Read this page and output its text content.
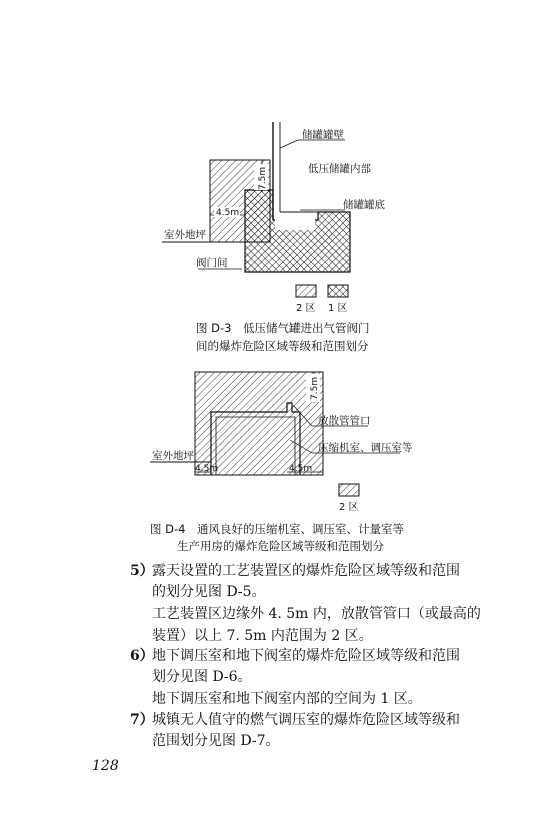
7.5m
4.5m
储罐罐壁
低压储罐内部
储罐罐底
室外地坪
阀门间
2 区 1 区
图 D-3　低压储气罐进出气管阀门
间的爆炸危险区域等级和范围划分
7.5m
4.5m	4.5m
放散管管口
压缩机室、调压室等
室外地坪
2 区
图 D-4　通风良好的压缩机室、调压室、计量室等
生产用房的爆炸危险区域等级和范围划分
5）
露天设置的工艺装置区的爆炸危险区域等级和范围
的划分见图 D-5。
工艺装置区边缘外 4. 5m 内，放散管管口（或最高的
装置）以上 7. 5m 内范围为 2 区。
6）
地下调压室和地下阀室的爆炸危险区域等级和范围
划分见图 D-6。
地下调压室和地下阀室内部的空间为 1 区。
7）
城镇无人值守的燃气调压室的爆炸危险区域等级和
范围划分见图 D-7。
128
